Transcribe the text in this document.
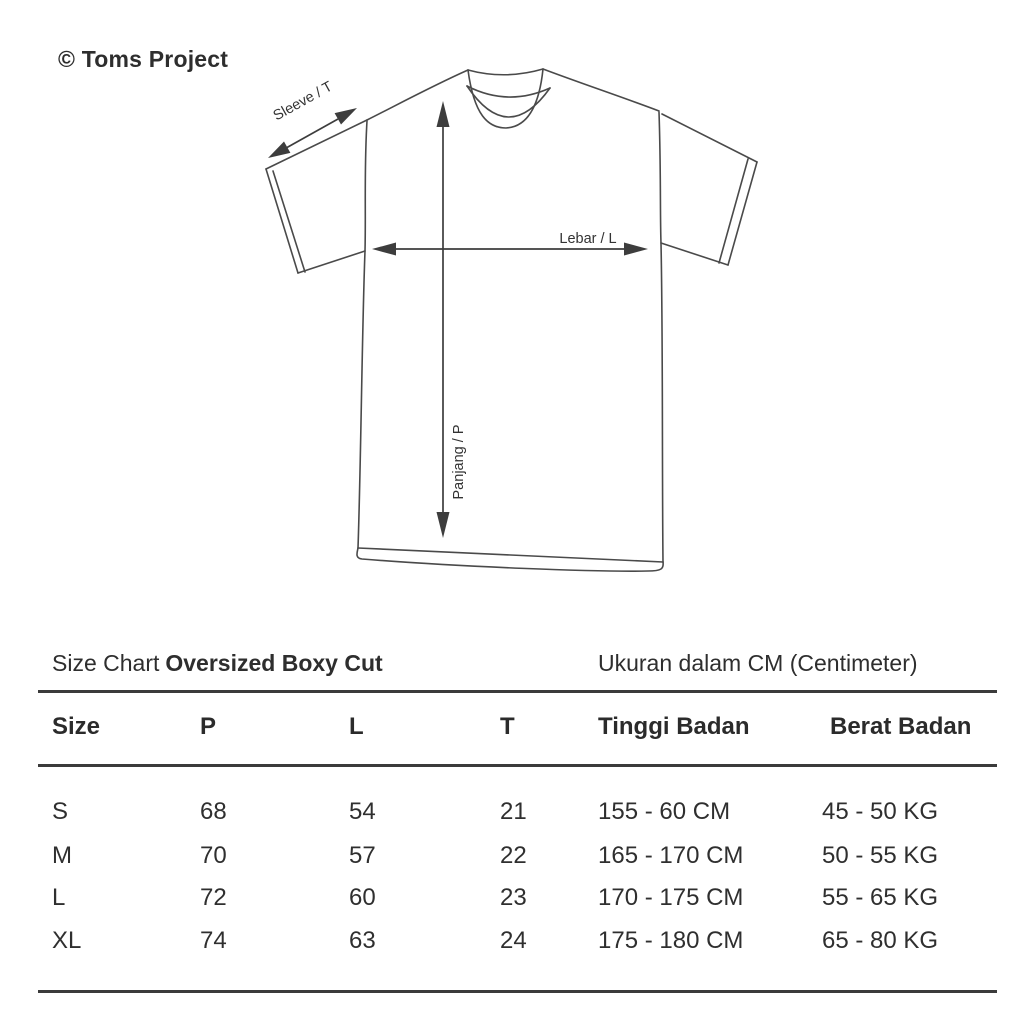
© Toms Project
Sleeve / T
Lebar / L
Panjang / P
Size Chart Oversized Boxy Cut	Ukuran dalam CM (Centimeter)
Size	P	L	T	Tinggi Badan	Berat Badan
S	68	54	21	155 - 60 CM	45 - 50 KG
M	70	57	22	165 - 170 CM	50 - 55 KG
L	72	60	23	170 - 175 CM	55 - 65 KG
XL	74	63	24	175 - 180 CM	65 - 80 KG
